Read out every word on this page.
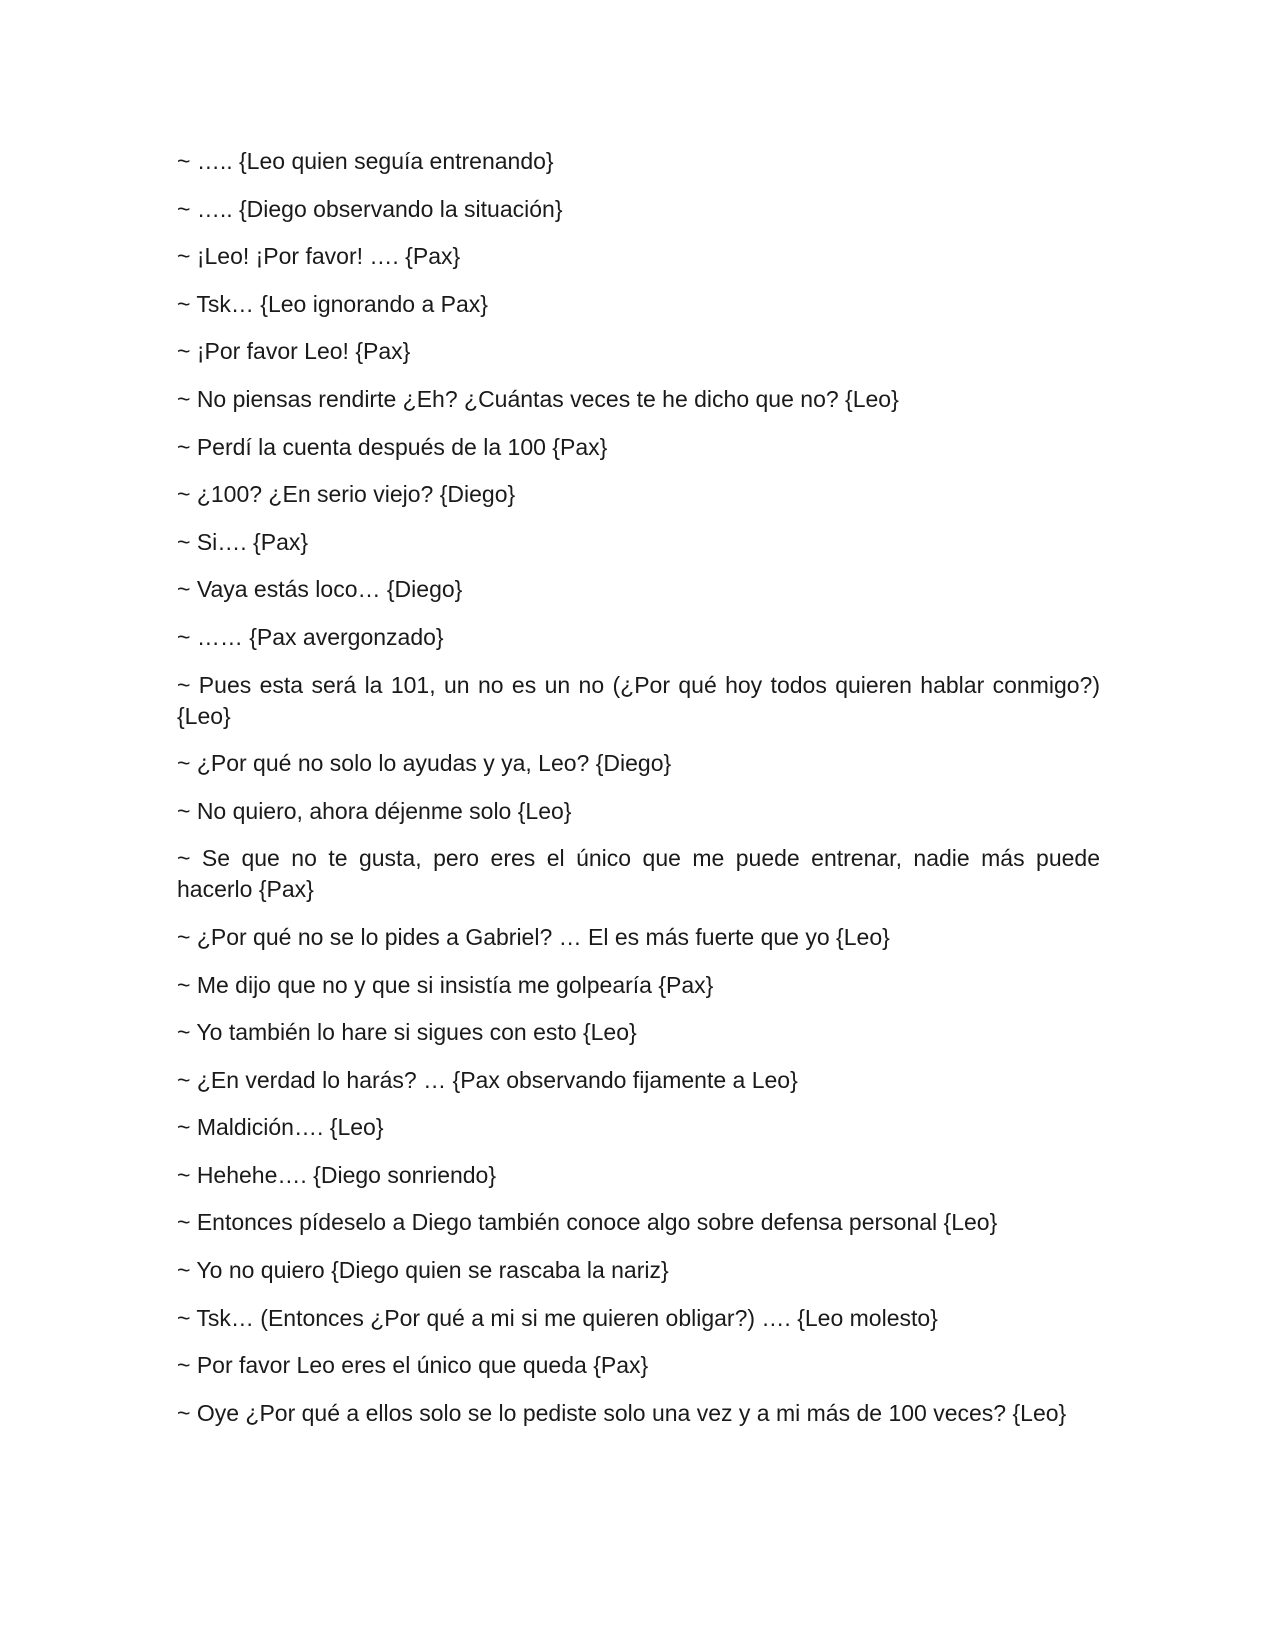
~ ….. {Leo quien seguía entrenando}

~ ….. {Diego observando la situación}

~ ¡Leo! ¡Por favor! …. {Pax}

~ Tsk… {Leo ignorando a Pax}

~ ¡Por favor Leo! {Pax}

~ No piensas rendirte ¿Eh? ¿Cuántas veces te he dicho que no? {Leo}

~ Perdí la cuenta después de la 100 {Pax}

~ ¿100? ¿En serio viejo? {Diego}

~ Si…. {Pax}

~ Vaya estás loco… {Diego}

~ …… {Pax avergonzado}

~ Pues esta será la 101, un no es un no (¿Por qué hoy todos quieren hablar conmigo?) {Leo}

~ ¿Por qué no solo lo ayudas y ya, Leo? {Diego}

~ No quiero, ahora déjenme solo {Leo}

~ Se que no te gusta, pero eres el único que me puede entrenar, nadie más puede hacerlo {Pax}

~ ¿Por qué no se lo pides a Gabriel? … El es más fuerte que yo {Leo}

~ Me dijo que no y que si insistía me golpearía {Pax}

~ Yo también lo hare si sigues con esto {Leo}

~ ¿En verdad lo harás? … {Pax observando fijamente a Leo}

~ Maldición…. {Leo}

~ Hehehe…. {Diego sonriendo}

~ Entonces pídeselo a Diego también conoce algo sobre defensa personal {Leo}

~ Yo no quiero {Diego quien se rascaba la nariz}

~ Tsk… (Entonces ¿Por qué a mi si me quieren obligar?) …. {Leo molesto}

~ Por favor Leo eres el único que queda {Pax}

~ Oye ¿Por qué a ellos solo se lo pediste solo una vez y a mi más de 100 veces? {Leo}
